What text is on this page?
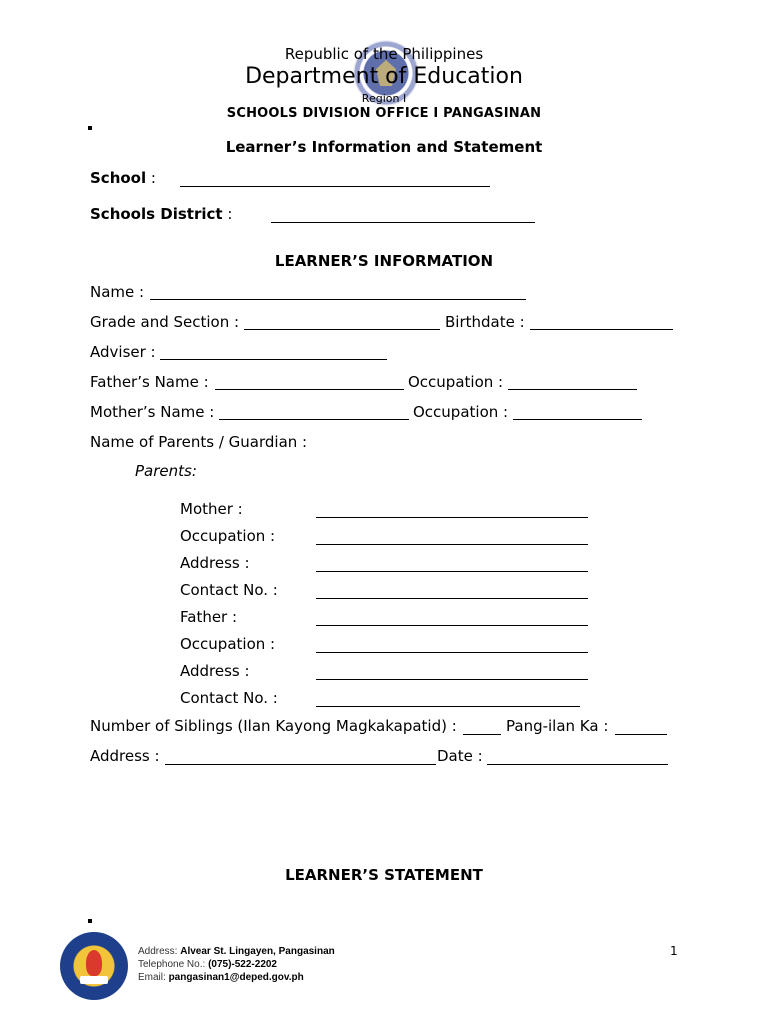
Republic of the Philippines
Department of Education
Region I
SCHOOLS DIVISION OFFICE I PANGASINAN
Learner’s Information and Statement
School :
Schools District :
LEARNER’S INFORMATION
Name :
Grade and Section :	Birthdate :
Adviser :
Father’s Name :	Occupation :
Mother’s Name :	Occupation :
Name of Parents / Guardian :
Parents:
Mother :
Occupation :
Address :
Contact No. :
Father :
Occupation :
Address :
Contact No. :
Number of Siblings (Ilan Kayong Magkakapatid) :	Pang-ilan Ka :
Address :	Date :
LEARNER’S STATEMENT
Address: Alvear St. Lingayen, Pangasinan
Telephone No.: (075)-522-2202
Email: pangasinan1@deped.gov.ph
1
